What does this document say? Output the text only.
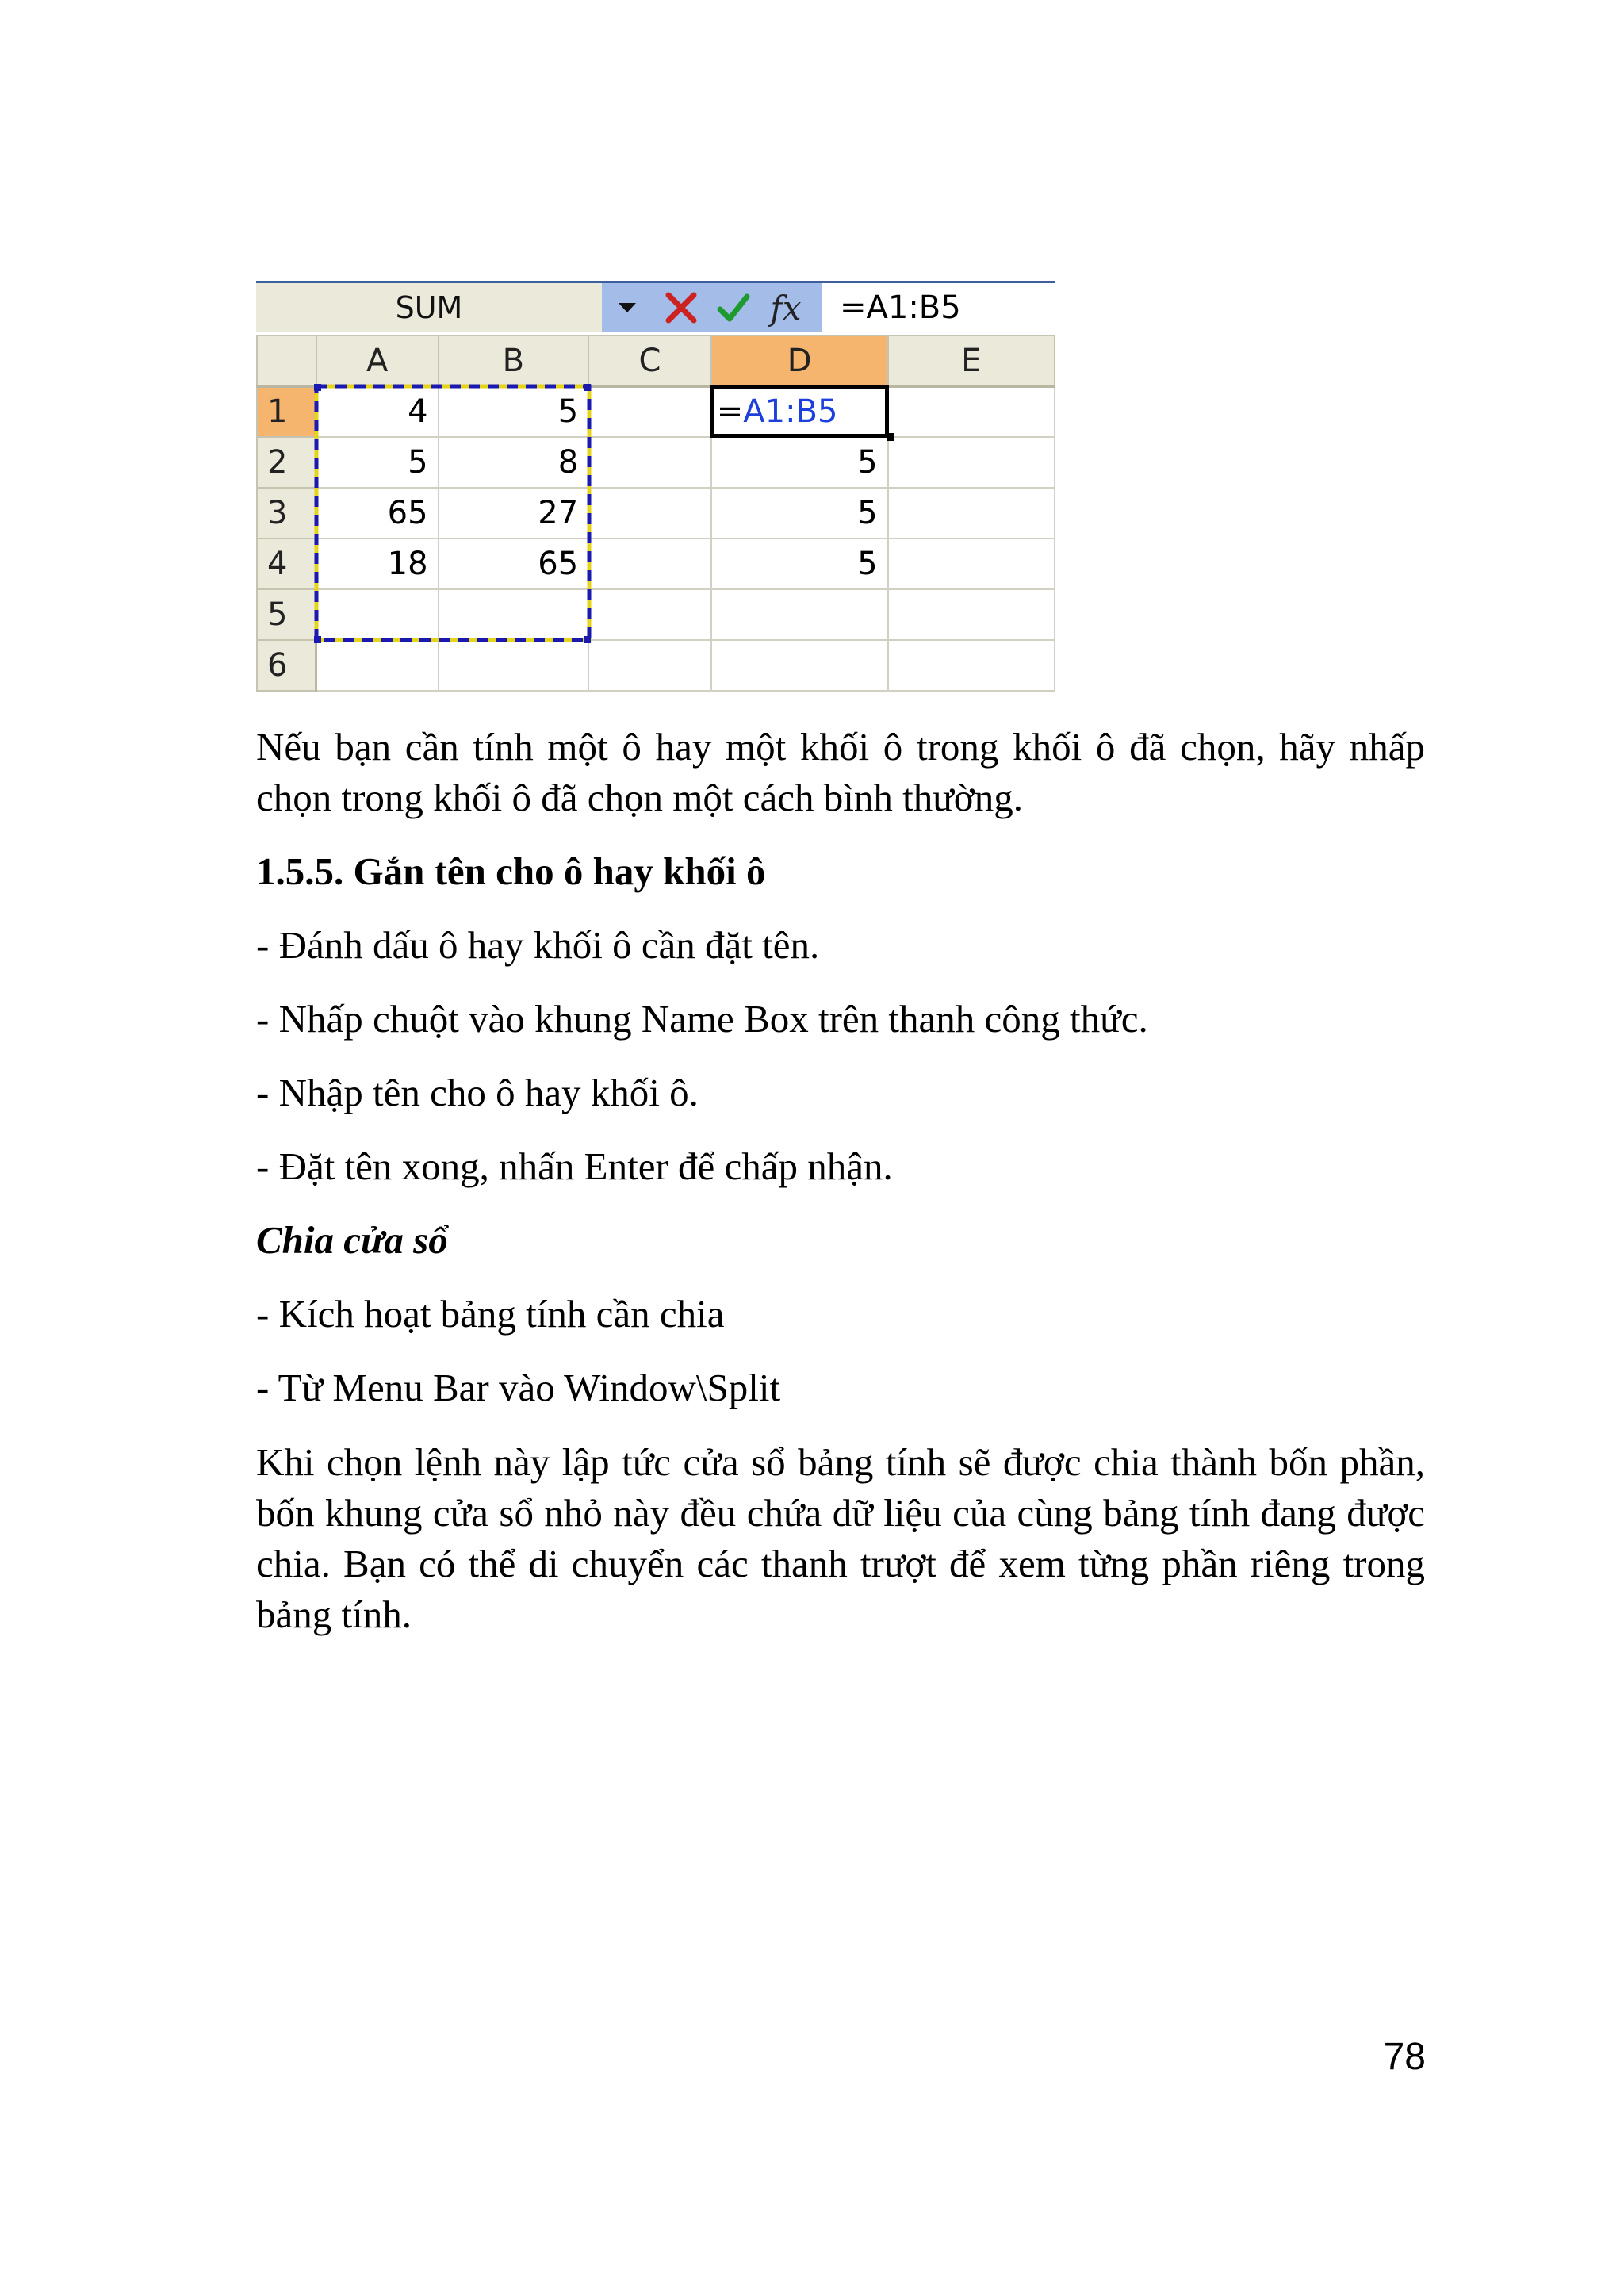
SUM	fx	=A1:B5
	A	B	C	D	E
1	4	5		=A1:B5	
2	5	8		5	
3	65	27		5	
4	18	65		5	
5					
6					

Nếu bạn cần tính một ô hay một khối ô trong khối ô đã chọn, hãy nhấp chọn trong khối ô đã chọn một cách bình thường.

1.5.5. Gắn tên cho ô hay khối ô
- Đánh dấu ô hay khối ô cần đặt tên.
- Nhấp chuột vào khung Name Box trên thanh công thức.
- Nhập tên cho ô hay khối ô.
- Đặt tên xong, nhấn Enter để chấp nhận.
Chia cửa sổ
- Kích hoạt bảng tính cần chia
- Từ Menu Bar vào Window\Split

Khi chọn lệnh này lập tức cửa sổ bảng tính sẽ được chia thành bốn phần, bốn khung cửa sổ nhỏ này đều chứa dữ liệu của cùng bảng tính đang được chia. Bạn có thể di chuyển các thanh trượt để xem từng phần riêng trong bảng tính.

78
